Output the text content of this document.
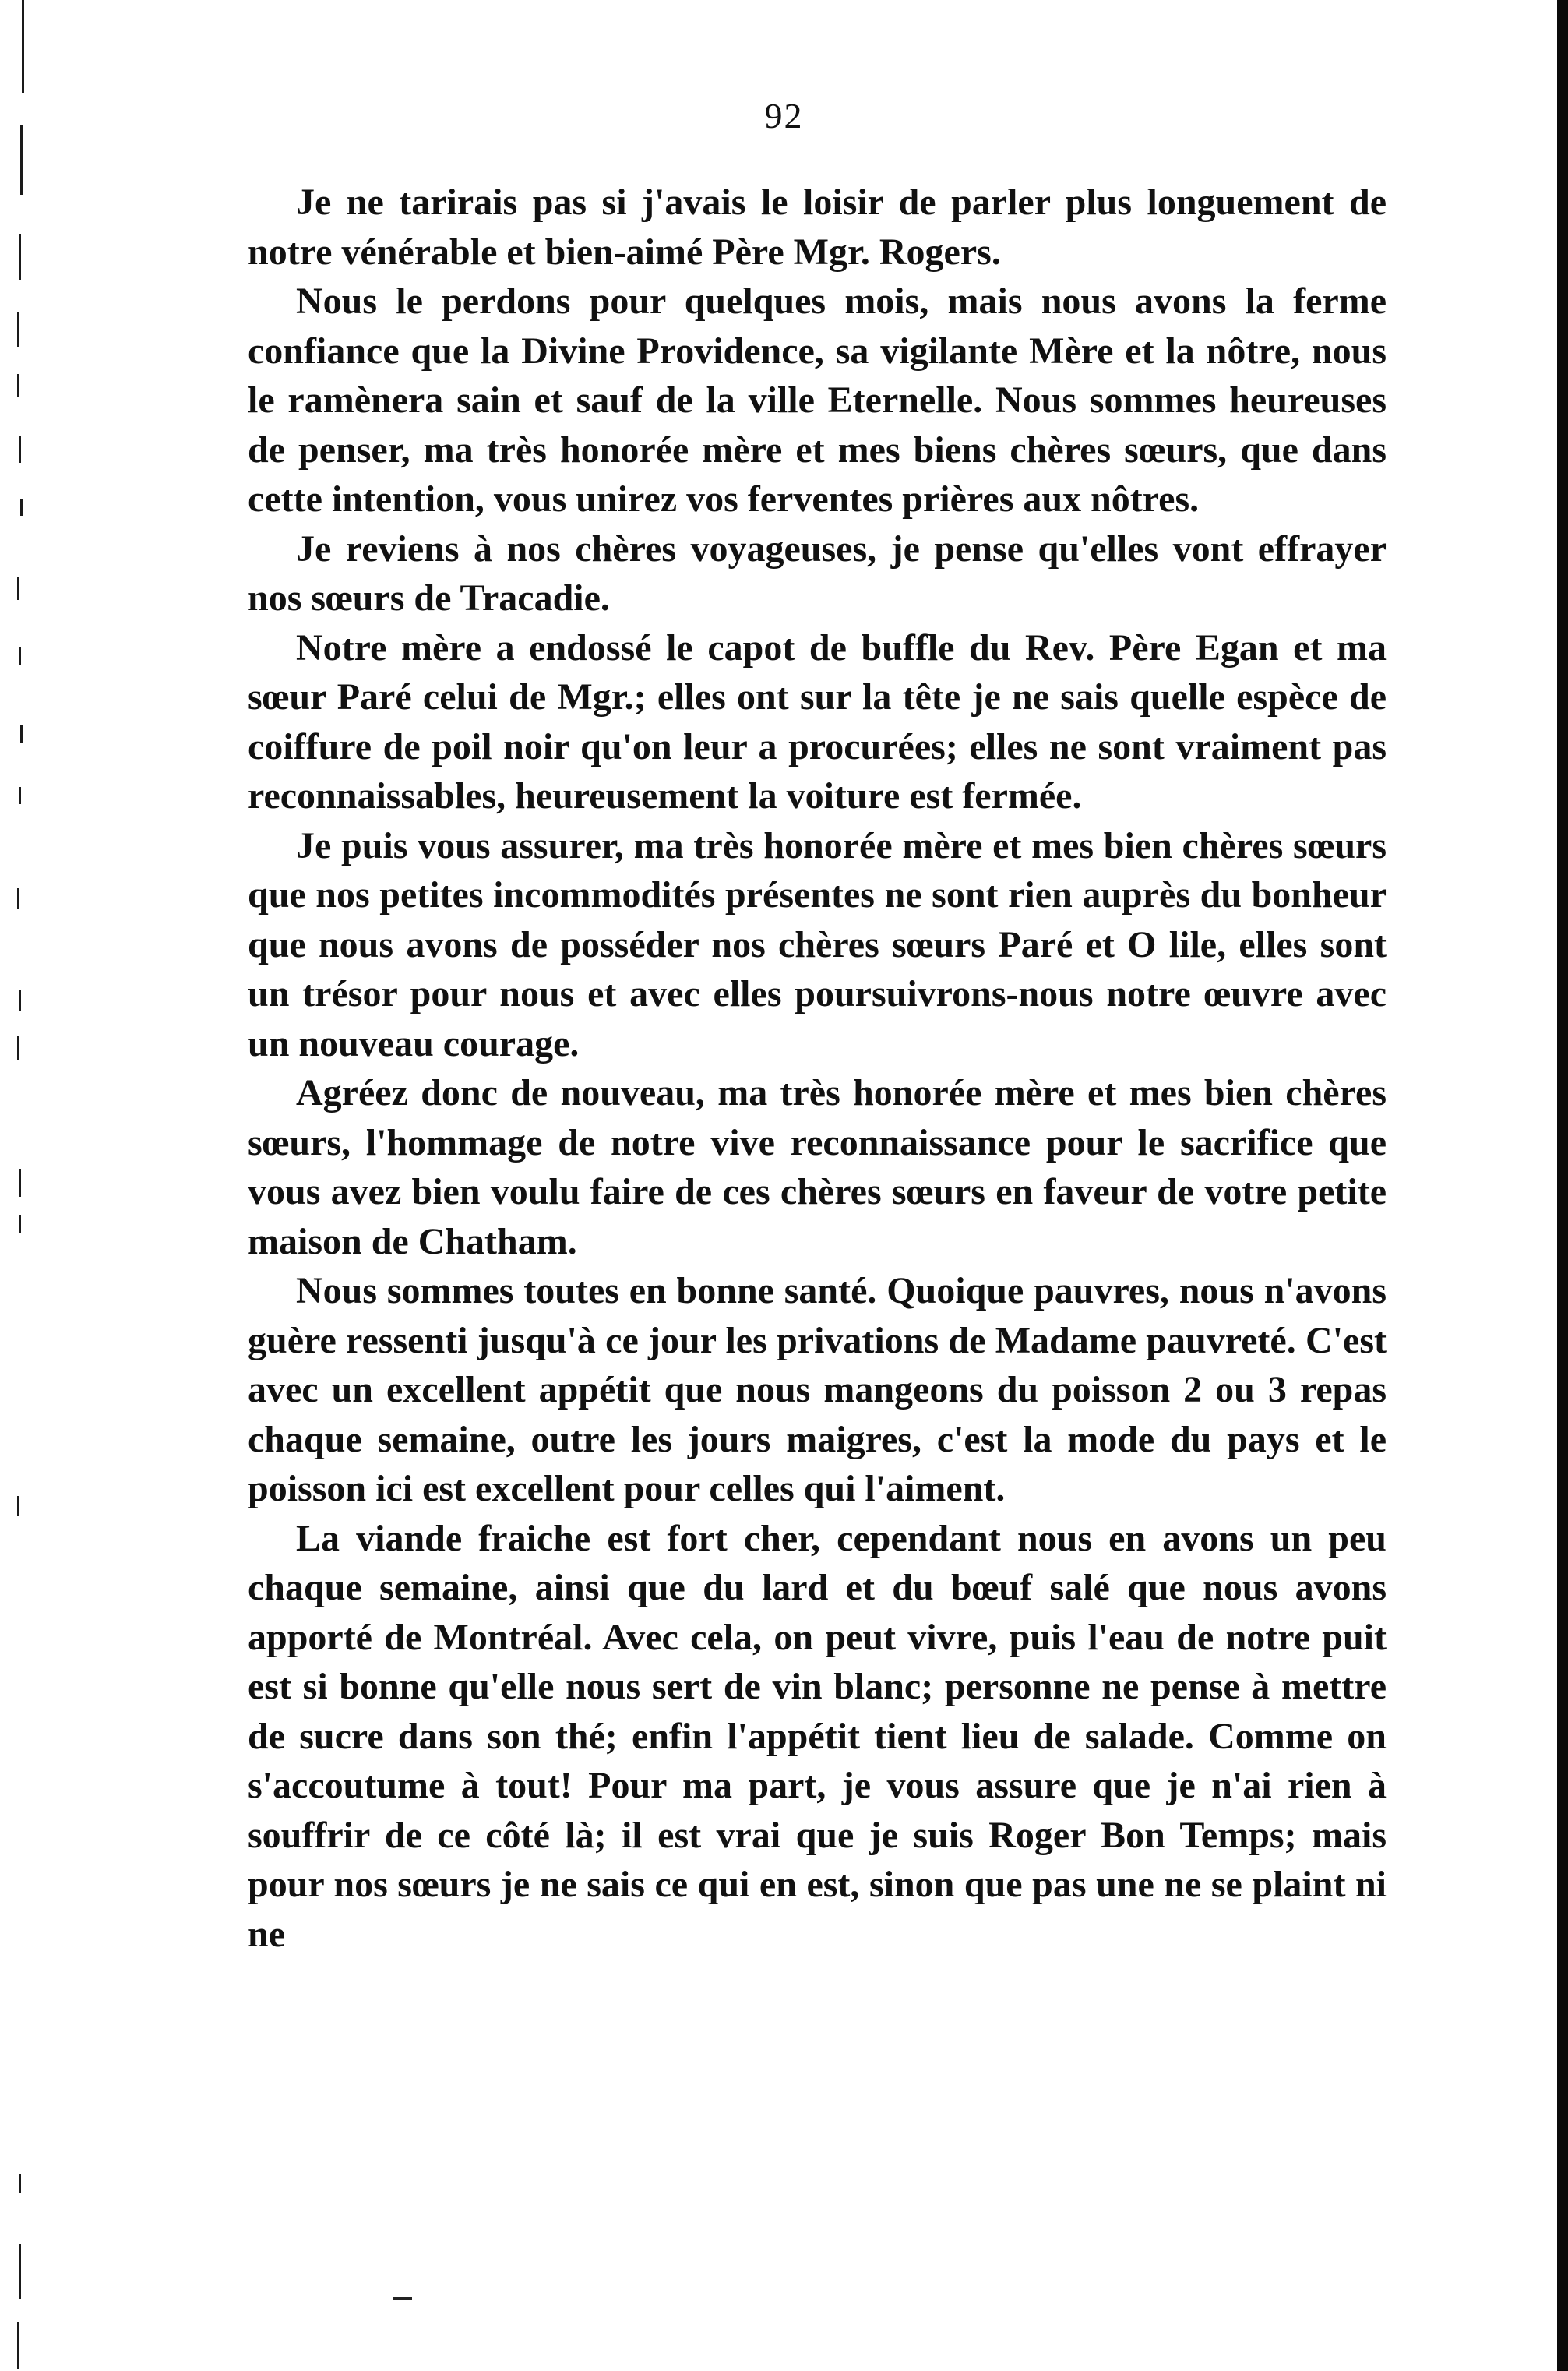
92

Je ne tarirais pas si j'avais le loisir de parler plus longuement de notre vénérable et bien-aimé Père Mgr. Rogers.

Nous le perdons pour quelques mois, mais nous avons la ferme confiance que la Divine Providence, sa vigilante Mère et la nôtre, nous le ramènera sain et sauf de la ville Eternelle. Nous sommes heureuses de penser, ma très honorée mère et mes biens chères sœurs, que dans cette intention, vous unirez vos ferventes prières aux nôtres.

Je reviens à nos chères voyageuses, je pense qu'elles vont effrayer nos sœurs de Tracadie.

Notre mère a endossé le capot de buffle du Rev. Père Egan et ma sœur Paré celui de Mgr.; elles ont sur la tête je ne sais quelle espèce de coiffure de poil noir qu'on leur a procurées; elles ne sont vraiment pas reconnaissables, heureusement la voiture est fermée.

Je puis vous assurer, ma très honorée mère et mes bien chères sœurs que nos petites incommodités présentes ne sont rien auprès du bonheur que nous avons de posséder nos chères sœurs Paré et O lile, elles sont un trésor pour nous et avec elles poursuivrons-nous notre œuvre avec un nouveau courage.

Agréez donc de nouveau, ma très honorée mère et mes bien chères sœurs, l'hommage de notre vive reconnaissance pour le sacrifice que vous avez bien voulu faire de ces chères sœurs en faveur de votre petite maison de Chatham.

Nous sommes toutes en bonne santé. Quoique pauvres, nous n'avons guère ressenti jusqu'à ce jour les privations de Madame pauvreté. C'est avec un excellent appétit que nous mangeons du poisson 2 ou 3 repas chaque semaine, outre les jours maigres, c'est la mode du pays et le poisson ici est excellent pour celles qui l'aiment.

La viande fraiche est fort cher, cependant nous en avons un peu chaque semaine, ainsi que du lard et du bœuf salé que nous avons apporté de Montréal. Avec cela, on peut vivre, puis l'eau de notre puit est si bonne qu'elle nous sert de vin blanc; personne ne pense à mettre de sucre dans son thé; enfin l'appétit tient lieu de salade. Comme on s'accoutume à tout! Pour ma part, je vous assure que je n'ai rien à souffrir de ce côté là; il est vrai que je suis Roger Bon Temps; mais pour nos sœurs je ne sais ce qui en est, sinon que pas une ne se plaint ni ne
